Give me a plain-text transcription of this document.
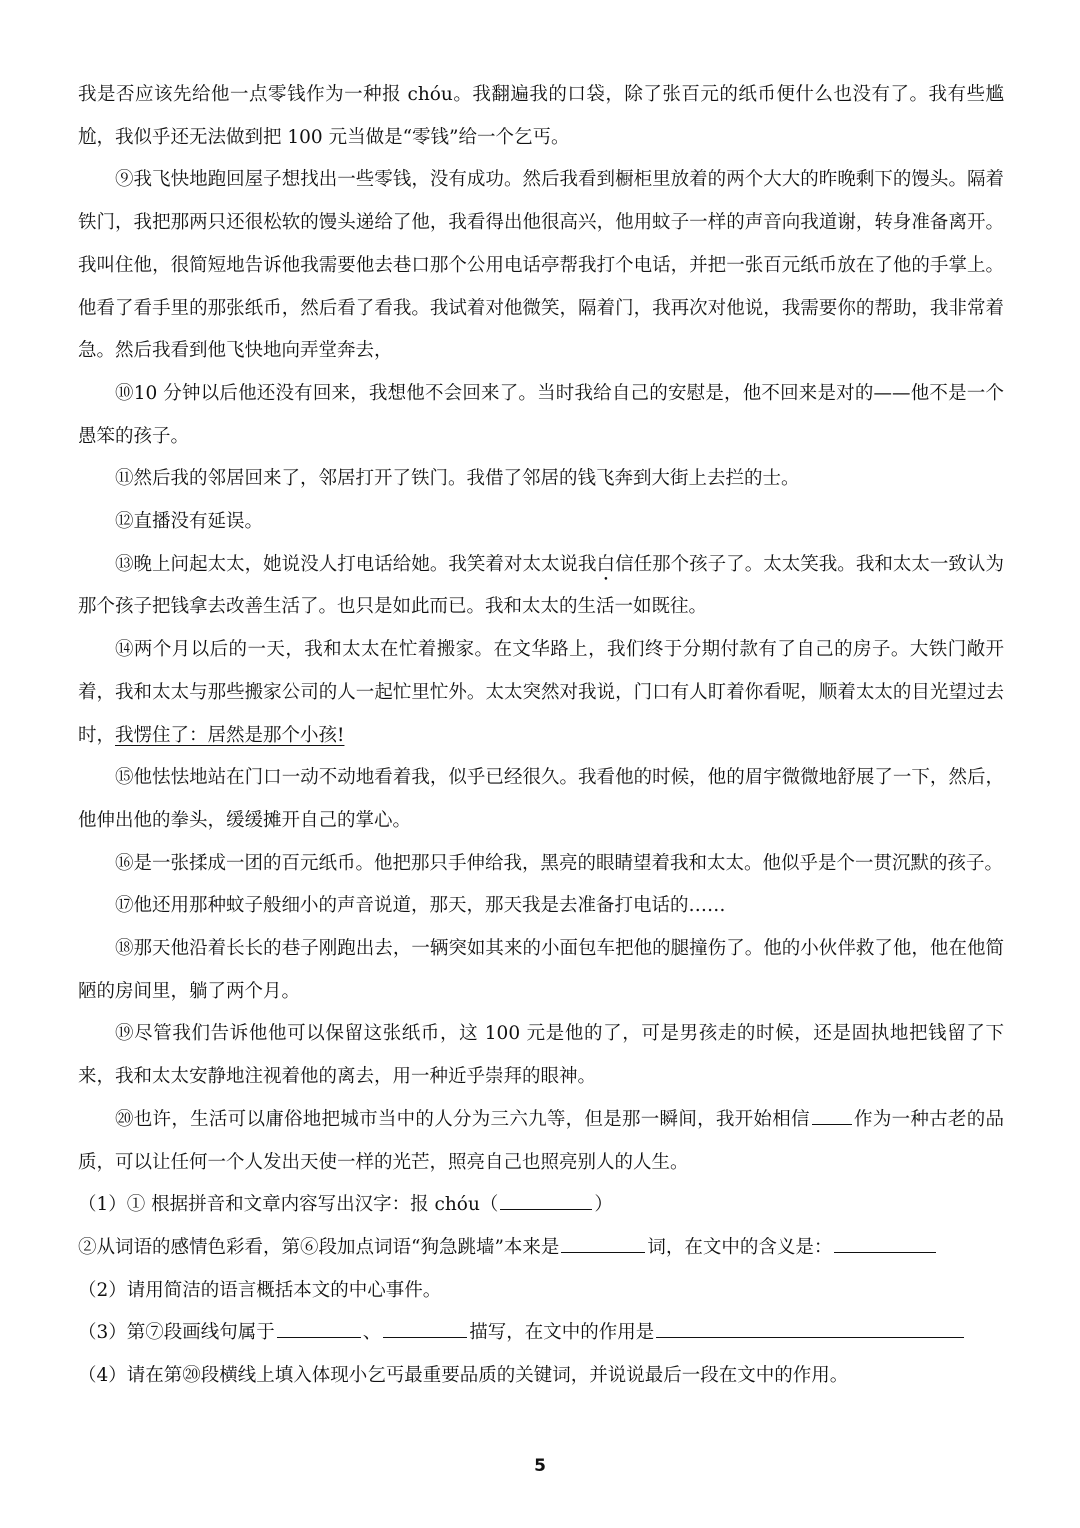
我是否应该先给他一点零钱作为一种报 chóu。我翻遍我的口袋，除了张百元的纸币便什么也没有了。我有些尴尬，我似乎还无法做到把 100 元当做是“零钱”给一个乞丐。

⑨我飞快地跑回屋子想找出一些零钱，没有成功。然后我看到橱柜里放着的两个大大的昨晚剩下的馒头。隔着铁门，我把那两只还很松软的馒头递给了他，我看得出他很高兴，他用蚊子一样的声音向我道谢，转身准备离开。我叫住他，很简短地告诉他我需要他去巷口那个公用电话亭帮我打个电话，并把一张百元纸币放在了他的手掌上。他看了看手里的那张纸币，然后看了看我。我试着对他微笑，隔着门，我再次对他说，我需要你的帮助，我非常着急。然后我看到他飞快地向弄堂奔去，

⑩10 分钟以后他还没有回来，我想他不会回来了。当时我给自己的安慰是，他不回来是对的——他不是一个愚笨的孩子。

⑪然后我的邻居回来了，邻居打开了铁门。我借了邻居的钱飞奔到大街上去拦的士。

⑫直播没有延误。

⑬晚上问起太太，她说没人打电话给她。我笑着对太太说我白信任那个孩子了。太太笑我。我和太太一致认为那个孩子把钱拿去改善生活了。也只是如此而已。我和太太的生活一如既往。

⑭两个月以后的一天，我和太太在忙着搬家。在文华路上，我们终于分期付款有了自己的房子。大铁门敞开着，我和太太与那些搬家公司的人一起忙里忙外。太太突然对我说，门口有人盯着你看呢，顺着太太的目光望过去时，我愣住了：居然是那个小孩!

⑮他怯怯地站在门口一动不动地看着我，似乎已经很久。我看他的时候，他的眉宇微微地舒展了一下，然后，他伸出他的拳头，缓缓摊开自己的掌心。

⑯是一张揉成一团的百元纸币。他把那只手伸给我，黑亮的眼睛望着我和太太。他似乎是个一贯沉默的孩子。

⑰他还用那种蚊子般细小的声音说道，那天，那天我是去准备打电话的……

⑱那天他沿着长长的巷子刚跑出去，一辆突如其来的小面包车把他的腿撞伤了。他的小伙伴救了他，他在他简陋的房间里，躺了两个月。

⑲尽管我们告诉他他可以保留这张纸币，这 100 元是他的了，可是男孩走的时候，还是固执地把钱留了下来，我和太太安静地注视着他的离去，用一种近乎崇拜的眼神。

⑳也许，生活可以庸俗地把城市当中的人分为三六九等，但是那一瞬间，我开始相信 作为一种古老的品质，可以让任何一个人发出天使一样的光芒，照亮自己也照亮别人的人生。

（1）① 根据拼音和文章内容写出汉字：报 chóu（	）

②从词语的感情色彩看，第⑥段加点词语“狗急跳墙”本来是	词，在文中的含义是：

（2）请用简洁的语言概括本文的中心事件。

（3）第⑦段画线句属于	、	描写，在文中的作用是

（4）请在第⑳段横线上填入体现小乞丐最重要品质的关键词，并说说最后一段在文中的作用。

5
